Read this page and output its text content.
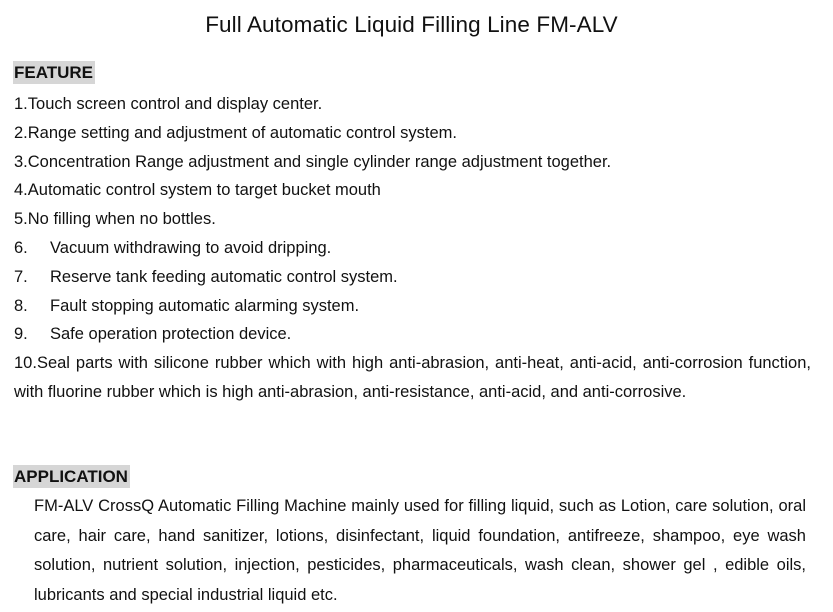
Full Automatic Liquid Filling Line FM-ALV
FEATURE
1.Touch screen control and display center.
2.Range setting and adjustment of automatic control system.
3.Concentration Range adjustment and single cylinder range adjustment together.
4.Automatic control system to target bucket mouth
5.No filling when no bottles.
6. Vacuum withdrawing to avoid dripping.
7. Reserve tank feeding automatic control system.
8. Fault stopping automatic alarming system.
9. Safe operation protection device.
10.Seal parts with silicone rubber which with high anti-abrasion, anti-heat, anti-acid, anti-corrosion function, with fluorine rubber which is high anti-abrasion, anti-resistance, anti-acid, and anti-corrosive.
APPLICATION

FM-ALV CrossQ Automatic Filling Machine mainly used for filling liquid, such as Lotion, care solution, oral care, hair care, hand sanitizer, lotions, disinfectant, liquid foundation, antifreeze, shampoo, eye wash solution, nutrient solution, injection, pesticides, pharmaceuticals, wash clean, shower gel , edible oils, lubricants and special industrial liquid etc.
